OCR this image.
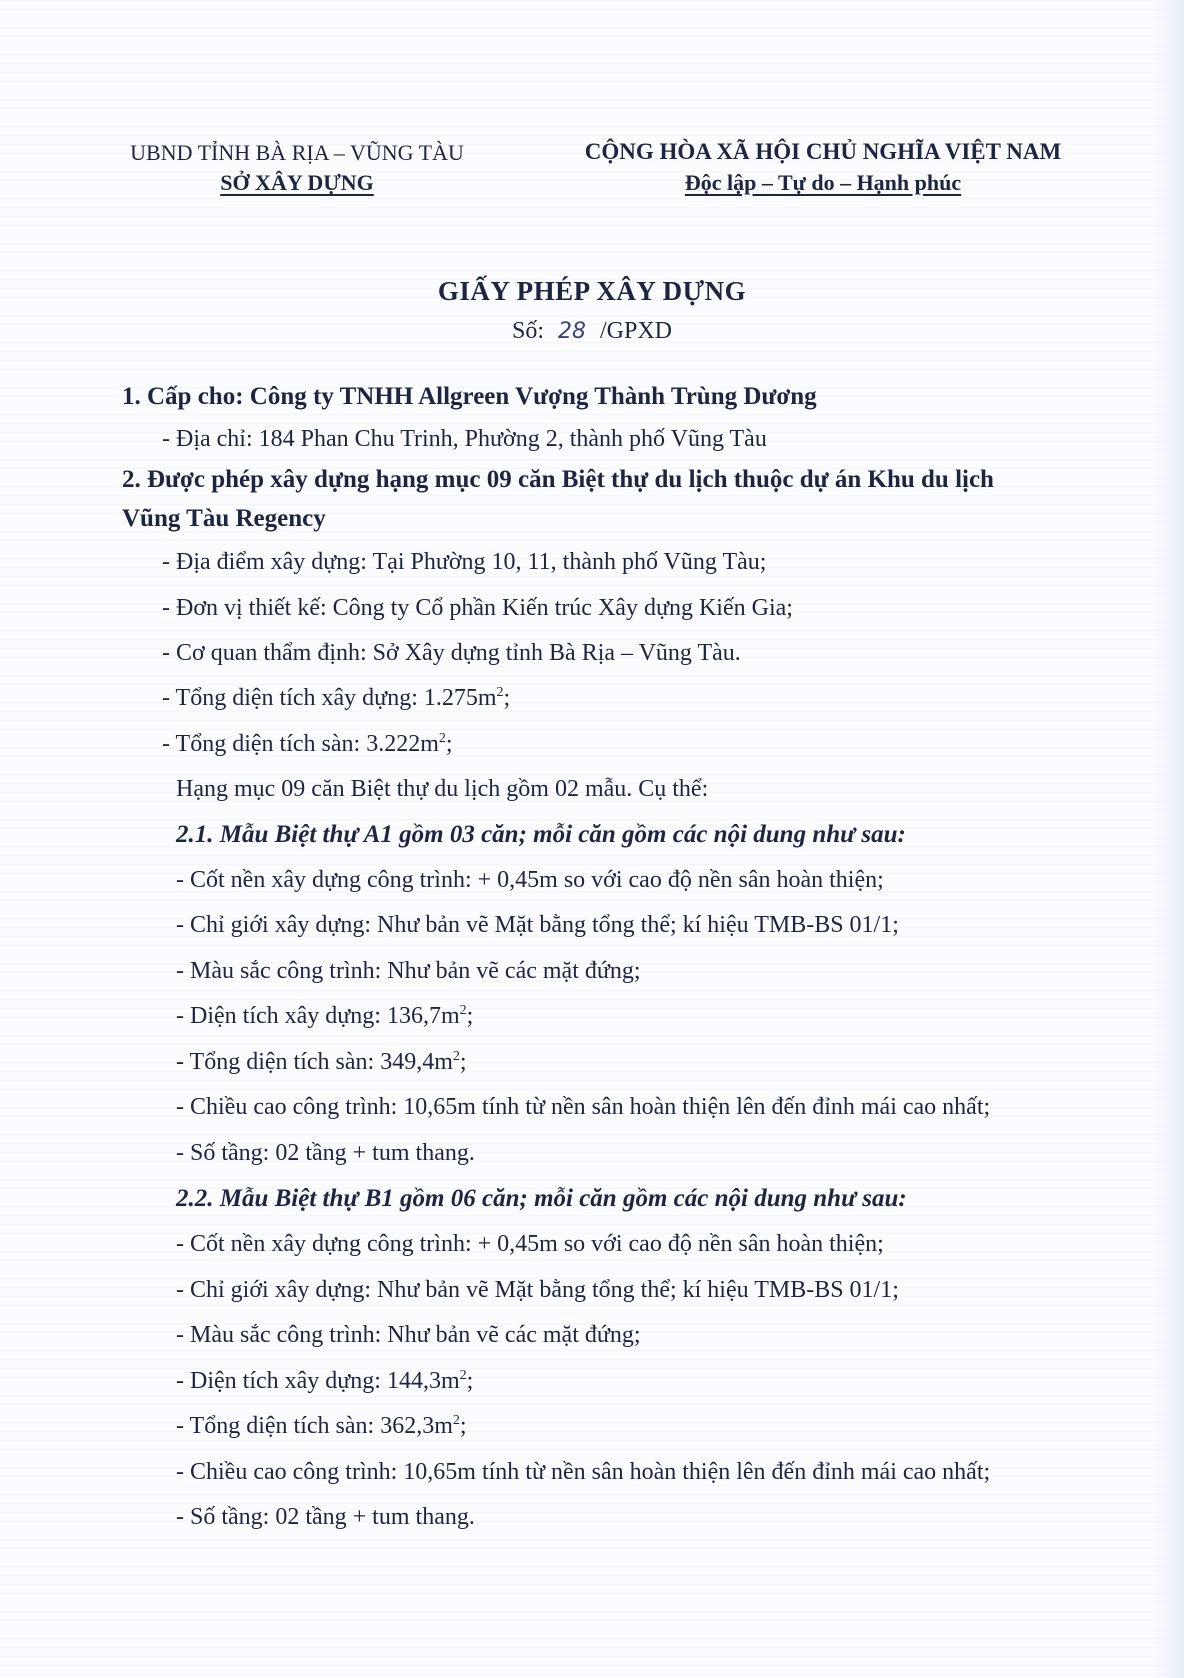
UBND TỈNH BÀ RỊA – VŨNG TÀU
SỞ XÂY DỰNG
CỘNG HÒA XÃ HỘI CHỦ NGHĨA VIỆT NAM
Độc lập – Tự do – Hạnh phúc
GIẤY PHÉP XÂY DỰNG
Số: 28 /GPXD
1. Cấp cho: Công ty TNHH Allgreen Vượng Thành Trùng Dương
- Địa chỉ: 184 Phan Chu Trinh, Phường 2, thành phố Vũng Tàu
2. Được phép xây dựng hạng mục 09 căn Biệt thự du lịch thuộc dự án Khu du lịch
Vũng Tàu Regency
- Địa điểm xây dựng: Tại Phường 10, 11, thành phố Vũng Tàu;
- Đơn vị thiết kế: Công ty Cổ phần Kiến trúc Xây dựng Kiến Gia;
- Cơ quan thẩm định: Sở Xây dựng tỉnh Bà Rịa – Vũng Tàu.
- Tổng diện tích xây dựng: $1.275m^2$;
- Tổng diện tích sàn: $3.222m^2$;
Hạng mục 09 căn Biệt thự du lịch gồm 02 mẫu. Cụ thể:
2.1. Mẫu Biệt thự A1 gồm 03 căn; mỗi căn gồm các nội dung như sau:
- Cốt nền xây dựng công trình: + 0,45m so với cao độ nền sân hoàn thiện;
- Chỉ giới xây dựng: Như bản vẽ Mặt bằng tổng thể; kí hiệu TMB-BS 01/1;
- Màu sắc công trình: Như bản vẽ các mặt đứng;
- Diện tích xây dựng: $136,7m^2$;
- Tổng diện tích sàn: $349,4m^2$;
- Chiều cao công trình: 10,65m tính từ nền sân hoàn thiện lên đến đỉnh mái cao nhất;
- Số tầng: 02 tầng + tum thang.
2.2. Mẫu Biệt thự B1 gồm 06 căn; mỗi căn gồm các nội dung như sau:
- Cốt nền xây dựng công trình: + 0,45m so với cao độ nền sân hoàn thiện;
- Chỉ giới xây dựng: Như bản vẽ Mặt bằng tổng thể; kí hiệu TMB-BS 01/1;
- Màu sắc công trình: Như bản vẽ các mặt đứng;
- Diện tích xây dựng: $144,3m^2$;
- Tổng diện tích sàn: $362,3m^2$;
- Chiều cao công trình: 10,65m tính từ nền sân hoàn thiện lên đến đỉnh mái cao nhất;
- Số tầng: 02 tầng + tum thang.
